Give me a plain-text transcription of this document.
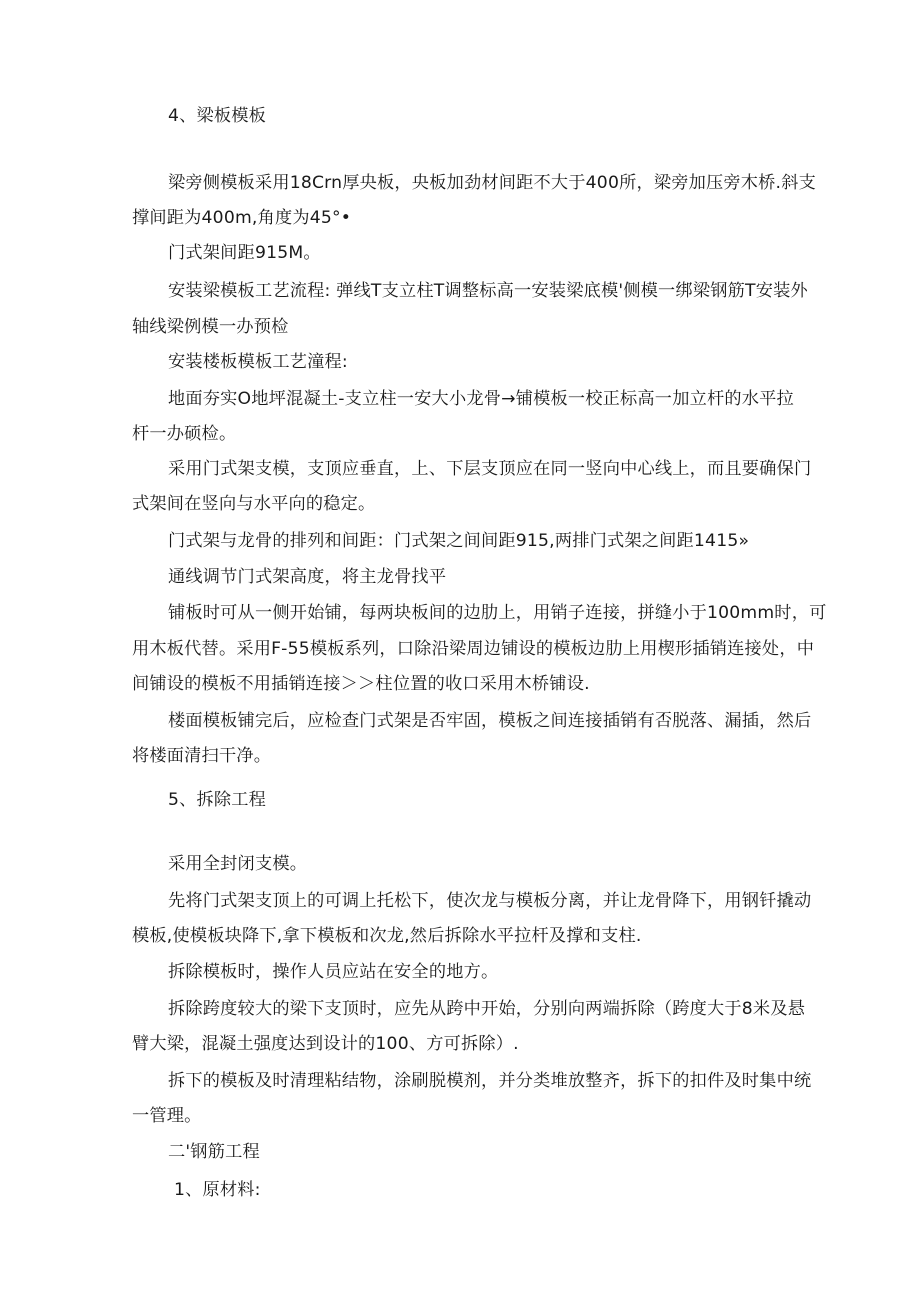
4、梁板模板

梁旁侧模板采用18Crn厚央板，央板加劲材间距不大于400所，梁旁加压旁木桥.斜支

撑间距为400m,角度为45°•

门式架间距915M。

安装梁模板工艺流程: 弹线T支立柱T调整标高一安装梁底模'侧模一绑梁钢筋T安装外

轴线梁例模一办预检

安装楼板模板工艺潼程:

地面夯实O地坪混凝土-支立柱一安大小龙骨→铺模板一校正标高一加立杆的水平拉

杆一办硕检。

采用门式架支模，支顶应垂直，上、下层支顶应在同一竖向中心线上，而且要确保门

式架间在竖向与水平向的稳定。

门式架与龙骨的排列和间距：门式架之间间距915,两排门式架之间距1415»

通线调节门式架高度，将主龙骨找平

铺板时可从一侧开始铺，每两块板间的边肋上，用销子连接，拼缝小于100mm时，可

用木板代替。采用F-55模板系列，口除沿梁周边铺设的模板边肋上用楔形插销连接处，中

间铺设的模板不用插销连接＞＞柱位置的收口采用木桥铺设.

楼面模板铺完后，应检查门式架是否牢固，模板之间连接插销有否脱落、漏插，然后

将楼面清扫干净。

5、拆除工程

采用全封闭支模。

先将门式架支顶上的可调上托松下，使次龙与模板分离，并让龙骨降下，用钢钎撬动

模板,使模板块降下,拿下模板和次龙,然后拆除水平拉杆及撑和支柱.

拆除模板时，操作人员应站在安全的地方。

拆除跨度较大的梁下支顶时，应先从跨中开始，分别向两端拆除（跨度大于8米及悬

臂大梁，混凝土强度达到设计的100、方可拆除）.

拆下的模板及时清理粘结物，涂刷脱模剂，并分类堆放整齐，拆下的扣件及时集中统

一管理。

二'钢筋工程

1、原材料:
